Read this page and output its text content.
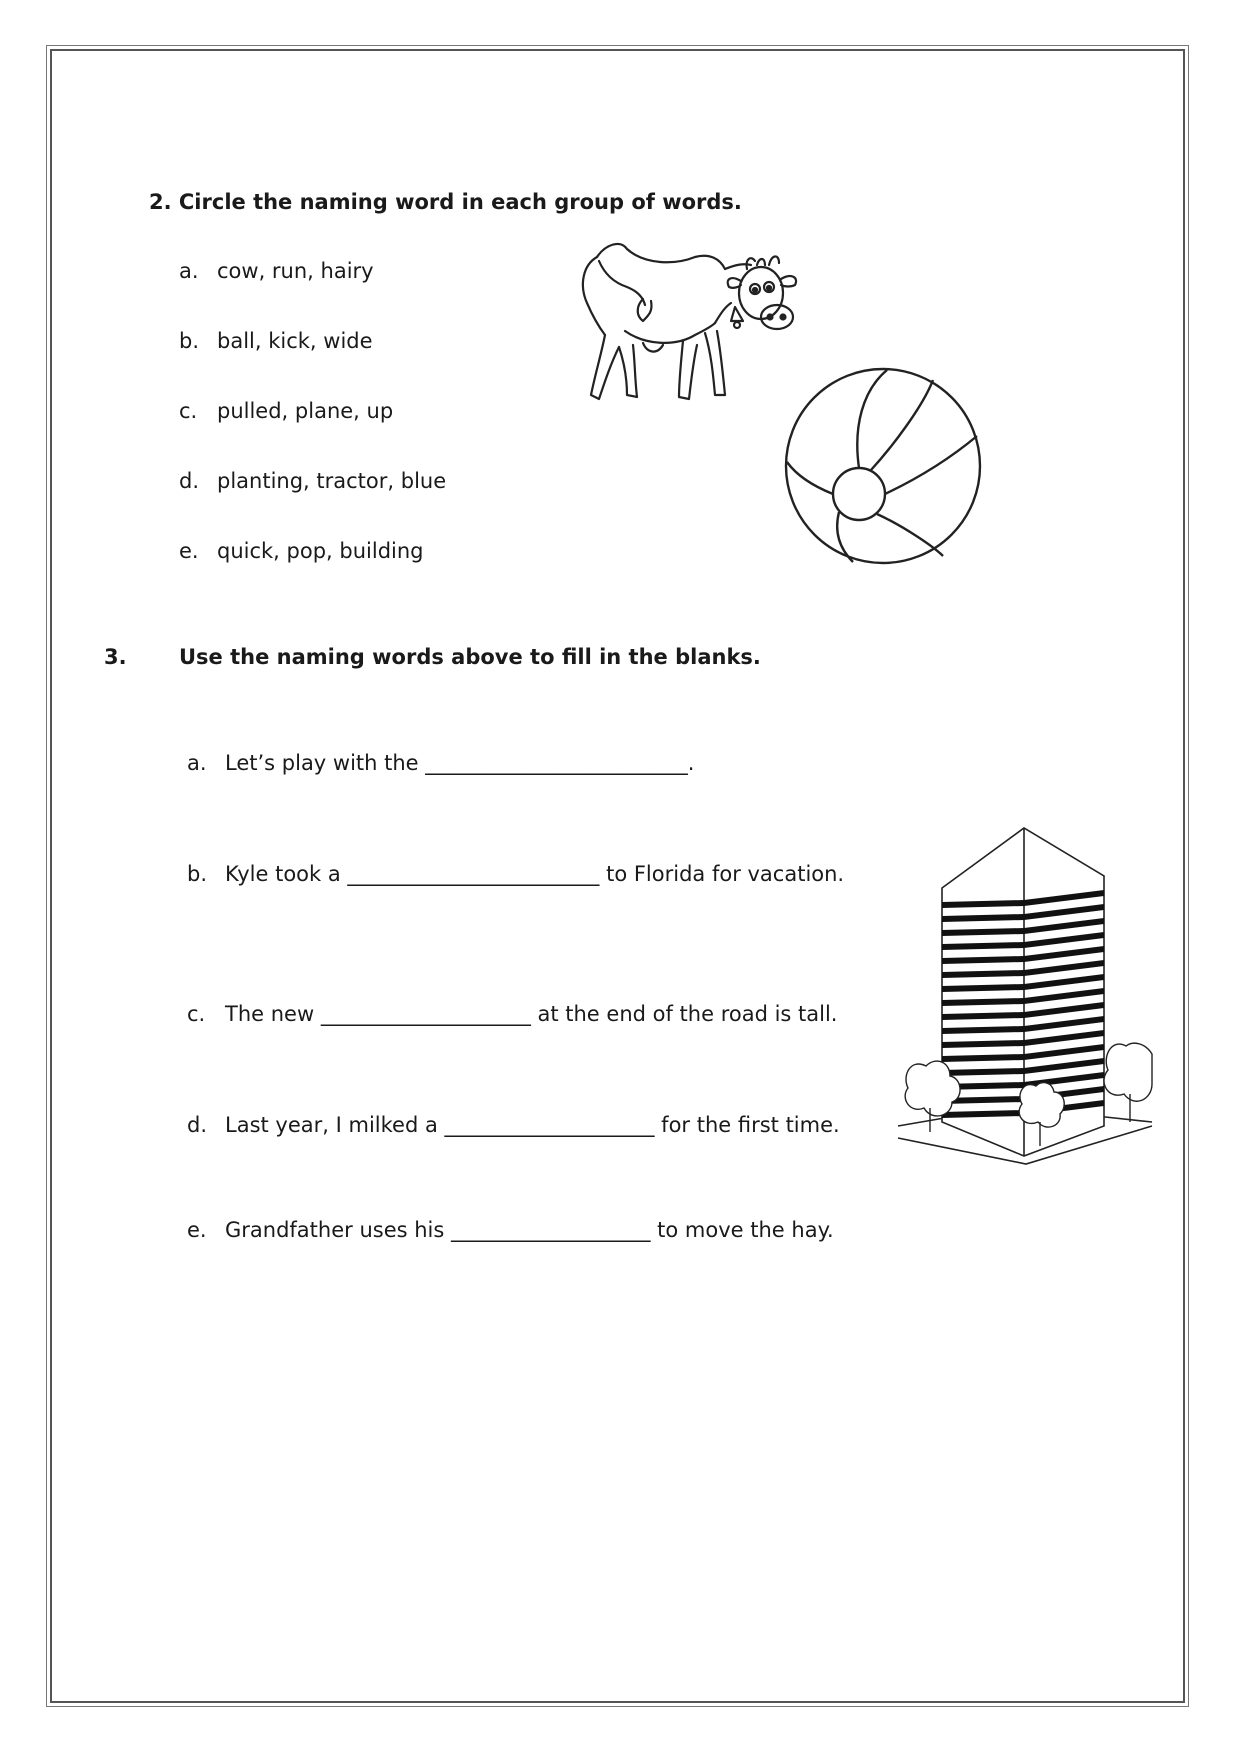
2. Circle the naming word in each group of words.
a. cow, run, hairy
b. ball, kick, wide
c. pulled, plane, up
d. planting, tractor, blue
e. quick, pop, building
3. Use the naming words above to fill in the blanks.
a. Let’s play with the _________________________.
b. Kyle took a ________________________ to Florida for vacation.
c. The new ____________________ at the end of the road is tall.
d. Last year, I milked a ____________________ for the first time.
e. Grandfather uses his ___________________ to move the hay.
